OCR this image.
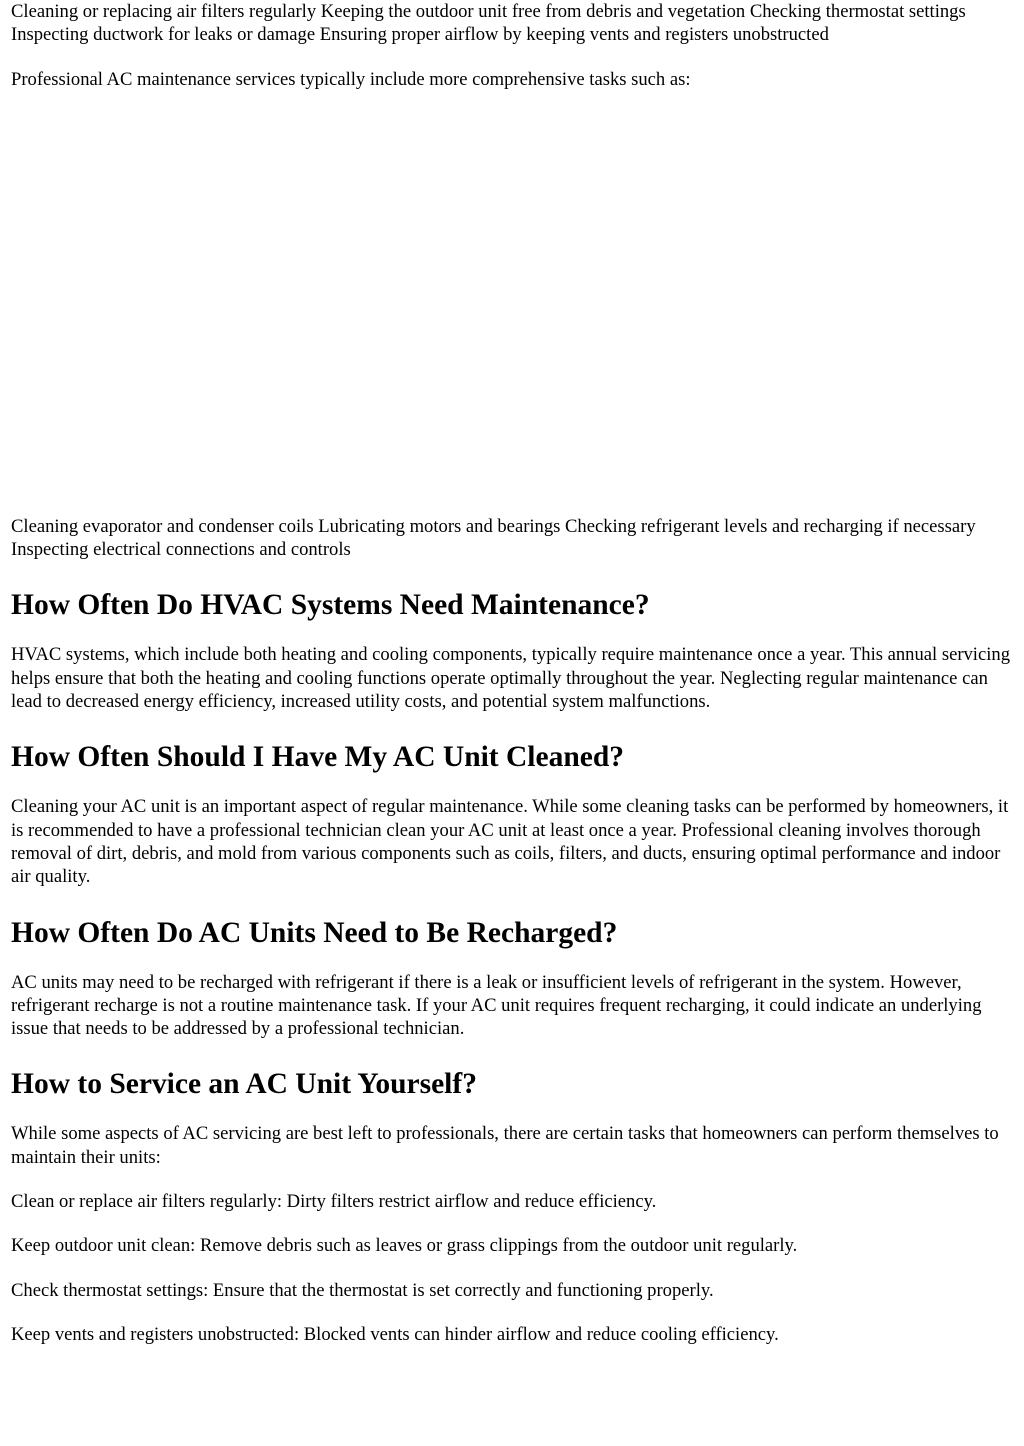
Cleaning or replacing air filters regularly Keeping the outdoor unit free from debris and vegetation Checking thermostat settings Inspecting ductwork for leaks or damage Ensuring proper airflow by keeping vents and registers unobstructed

Professional AC maintenance services typically include more comprehensive tasks such as:

Cleaning evaporator and condenser coils Lubricating motors and bearings Checking refrigerant levels and recharging if necessary Inspecting electrical connections and controls

How Often Do HVAC Systems Need Maintenance?

HVAC systems, which include both heating and cooling components, typically require maintenance once a year. This annual servicing helps ensure that both the heating and cooling functions operate optimally throughout the year. Neglecting regular maintenance can lead to decreased energy efficiency, increased utility costs, and potential system malfunctions.

How Often Should I Have My AC Unit Cleaned?

Cleaning your AC unit is an important aspect of regular maintenance. While some cleaning tasks can be performed by homeowners, it is recommended to have a professional technician clean your AC unit at least once a year. Professional cleaning involves thorough removal of dirt, debris, and mold from various components such as coils, filters, and ducts, ensuring optimal performance and indoor air quality.

How Often Do AC Units Need to Be Recharged?

AC units may need to be recharged with refrigerant if there is a leak or insufficient levels of refrigerant in the system. However, refrigerant recharge is not a routine maintenance task. If your AC unit requires frequent recharging, it could indicate an underlying issue that needs to be addressed by a professional technician.

How to Service an AC Unit Yourself?

While some aspects of AC servicing are best left to professionals, there are certain tasks that homeowners can perform themselves to maintain their units:

Clean or replace air filters regularly: Dirty filters restrict airflow and reduce efficiency.

Keep outdoor unit clean: Remove debris such as leaves or grass clippings from the outdoor unit regularly.

Check thermostat settings: Ensure that the thermostat is set correctly and functioning properly.

Keep vents and registers unobstructed: Blocked vents can hinder airflow and reduce cooling efficiency.
